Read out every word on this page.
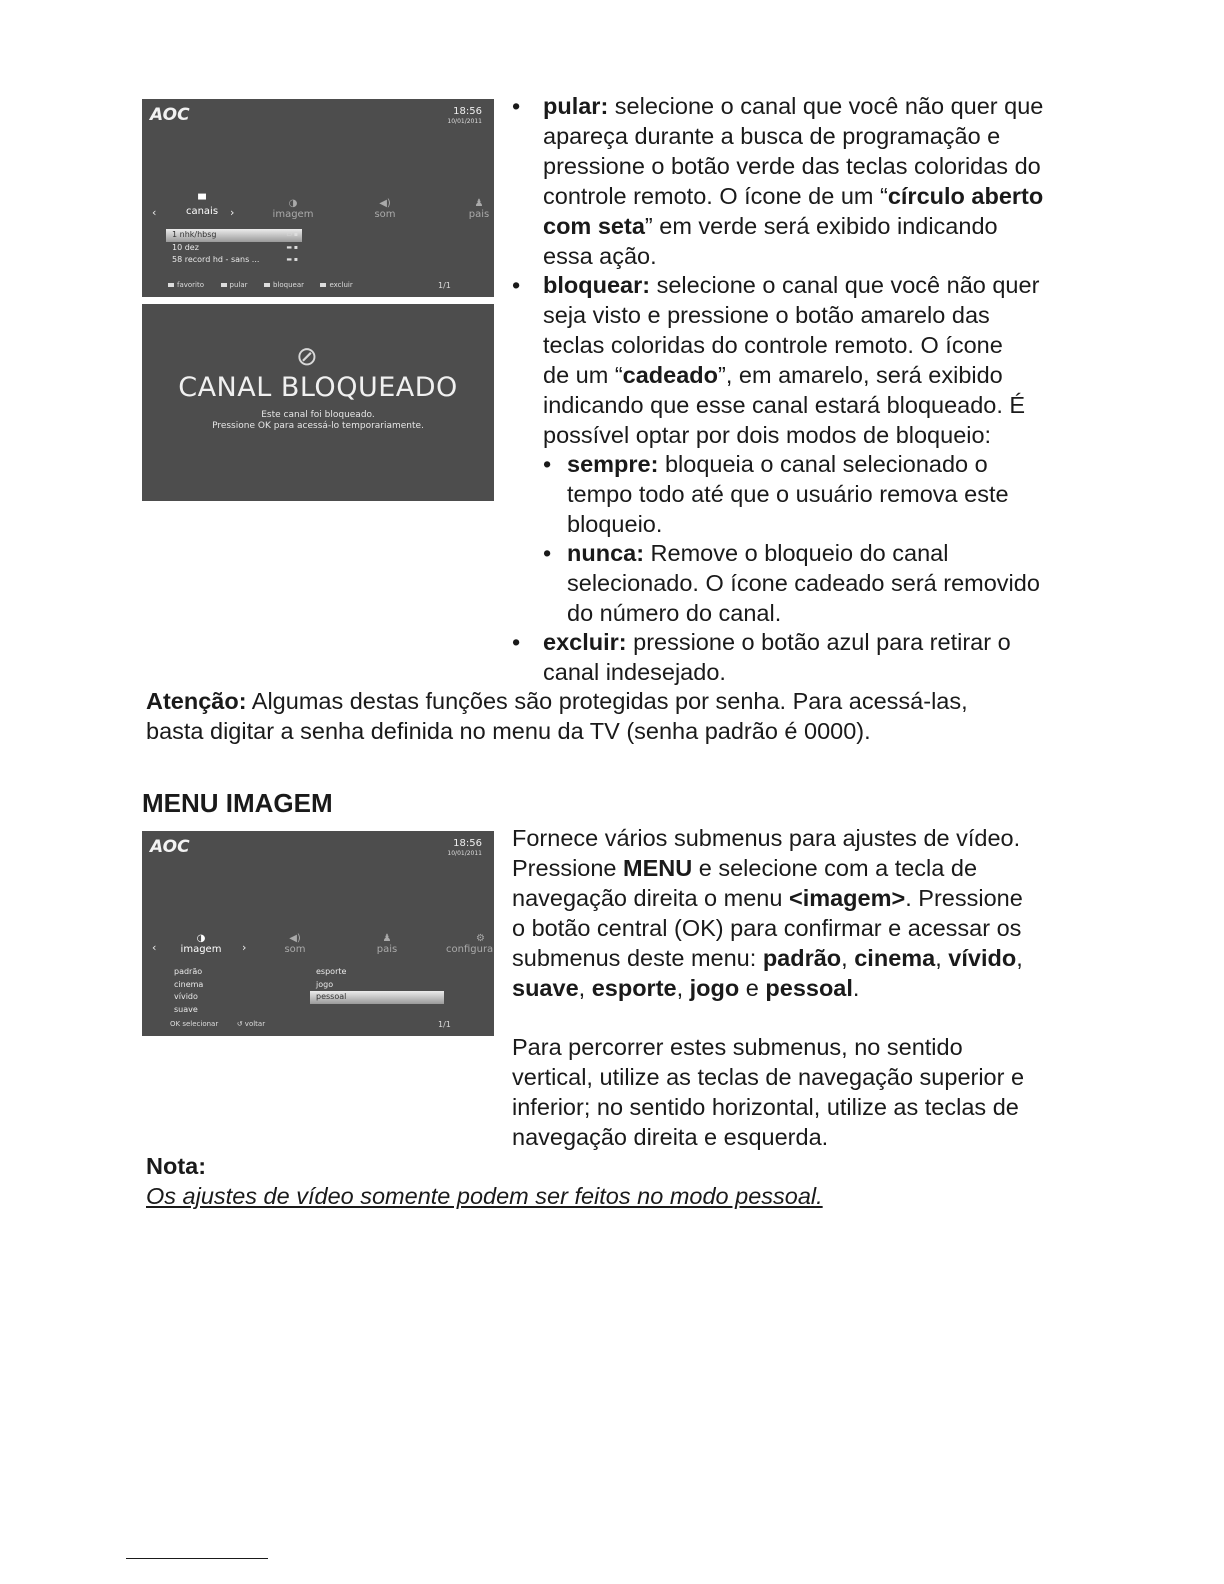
AOC	18:56
10/01/2011
‹
▀
canais ›
◑
imagem
◀)
som
♟
pais
1 nhk/hbsg	▭ ▪
10 dez	▬ ▪
58 record hd - sans ...	▬ ▪
favorito	pular	bloquear	excluir	1/1
⊘
CANAL BLOQUEADO
Este canal foi bloqueado.
Pressione OK para acessá-lo temporariamente.
• pular: selecione o canal que você não quer que
apareça durante a busca de programação e
pressione o botão verde das teclas coloridas do
controle remoto. O ícone de um “círculo aberto
com seta” em verde será exibido indicando
essa ação.
• bloquear: selecione o canal que você não quer
seja visto e pressione o botão amarelo das
teclas coloridas do controle remoto. O ícone
de um “cadeado”, em amarelo, será exibido
indicando que esse canal estará bloqueado. É
possível optar por dois modos de bloqueio:
• sempre: bloqueia o canal selecionado o
tempo todo até que o usuário remova este
bloqueio.
• nunca: Remove o bloqueio do canal
selecionado. O ícone cadeado será removido
do número do canal.
• excluir: pressione o botão azul para retirar o
canal indesejado.
Atenção: Algumas destas funções são protegidas por senha. Para acessá-las,
basta digitar a senha definida no menu da TV (senha padrão é 0000).
MENU IMAGEM
AOC	18:56
10/01/2011
‹
◑
imagem ›
◀)
som
♟
pais
⚙
configura
padrão
cinema
vívido
suave
esporte
jogo
pessoal
OK selecionar	↺ voltar	1/1
Fornece vários submenus para ajustes de vídeo.
Pressione MENU e selecione com a tecla de
navegação direita o menu <imagem>. Pressione
o botão central (OK) para confirmar e acessar os
submenus deste menu: padrão, cinema, vívido,
suave, esporte, jogo e pessoal.
Para percorrer estes submenus, no sentido
vertical, utilize as teclas de navegação superior e
inferior; no sentido horizontal, utilize as teclas de
navegação direita e esquerda.
Nota:
Os ajustes de vídeo somente podem ser feitos no modo pessoal.
